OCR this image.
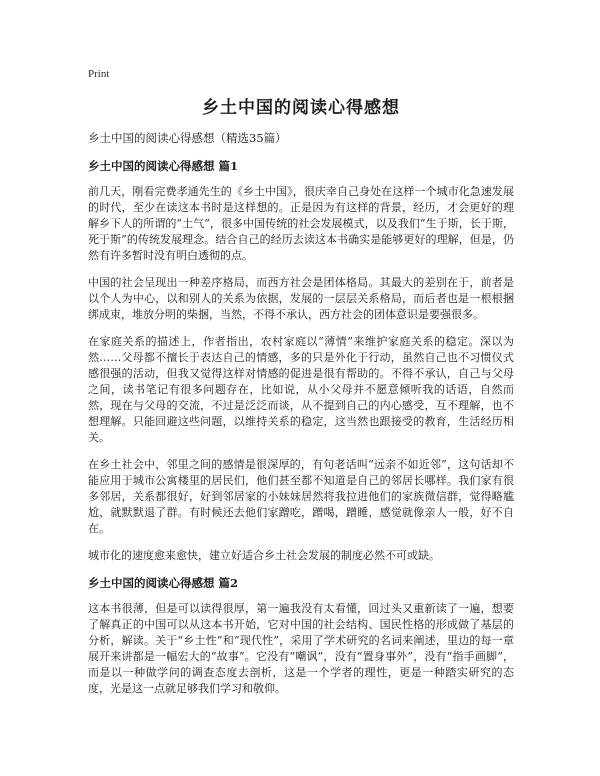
Print
乡土中国的阅读心得感想

乡土中国的阅读心得感想（精选35篇）

乡土中国的阅读心得感想 篇1

前几天，刚看完费孝通先生的《乡土中国》，很庆幸自己身处在这样一个城市化急速发展的时代，至少在读这本书时是这样想的。正是因为有这样的背景，经历，才会更好的理解乡下人的所谓的“土气”，很多中国传统的社会发展模式，以及我们“生于斯，长于斯，死于斯”的传统发展理念。结合自己的经历去读这本书确实是能够更好的理解，但是，仍然有许多暂时没有明白透彻的点。

中国的社会呈现出一种差序格局，而西方社会是团体格局。其最大的差别在于，前者是以个人为中心，以和别人的关系为依据，发展的一层层关系格局，而后者也是一根根捆绑成束，堆放分明的柴捆，当然，不得不承认，西方社会的团体意识是要强很多。

在家庭关系的描述上，作者指出，农村家庭以“薄情”来维护家庭关系的稳定。深以为然……父母都不擅长于表达自己的情感，多的只是外化于行动，虽然自己也不习惯仪式感很强的活动，但我又觉得这样对情感的促进是很有帮助的。不得不承认，自己与父母之间，读书笔记有很多问题存在，比如说，从小父母并不愿意倾听我的话语，自然而然，现在与父母的交流，不过是泛泛而谈，从不提到自己的内心感受，互不理解，也不想理解。只能回避这些问题，以维持关系的稳定，这当然也跟接受的教育，生活经历相关。

在乡土社会中，邻里之间的感情是很深厚的，有句老话叫“远亲不如近邻”，这句话却不能应用于城市公寓楼里的居民们，他们甚至都不知道是自己的邻居长哪样。我们家有很多邻居，关系都很好，好到邻居家的小妹妹居然将我拉进他们的家族微信群，觉得略尴尬，就默默退了群。有时候还去他们家蹭吃，蹭喝，蹭睡，感觉就像亲人一般，好不自在。

城市化的速度愈来愈快，建立好适合乡土社会发展的制度必然不可或缺。

乡土中国的阅读心得感想 篇2

这本书很薄，但是可以读得很厚，第一遍我没有太看懂，回过头又重新读了一遍，想要了解真正的中国可以从这本书开始，它对中国的社会结构、国民性格的形成做了基层的分析，解读。关于“乡土性”和“现代性”，采用了学术研究的名词来阐述，里边的每一章展开来讲都是一幅宏大的“故事”。它没有“嘲讽”，没有“置身事外”，没有“指手画脚”，而是以一种做学问的调查态度去剖析，这是一个学者的理性，更是一种踏实研究的态度，光是这一点就足够我们学习和敬仰。
